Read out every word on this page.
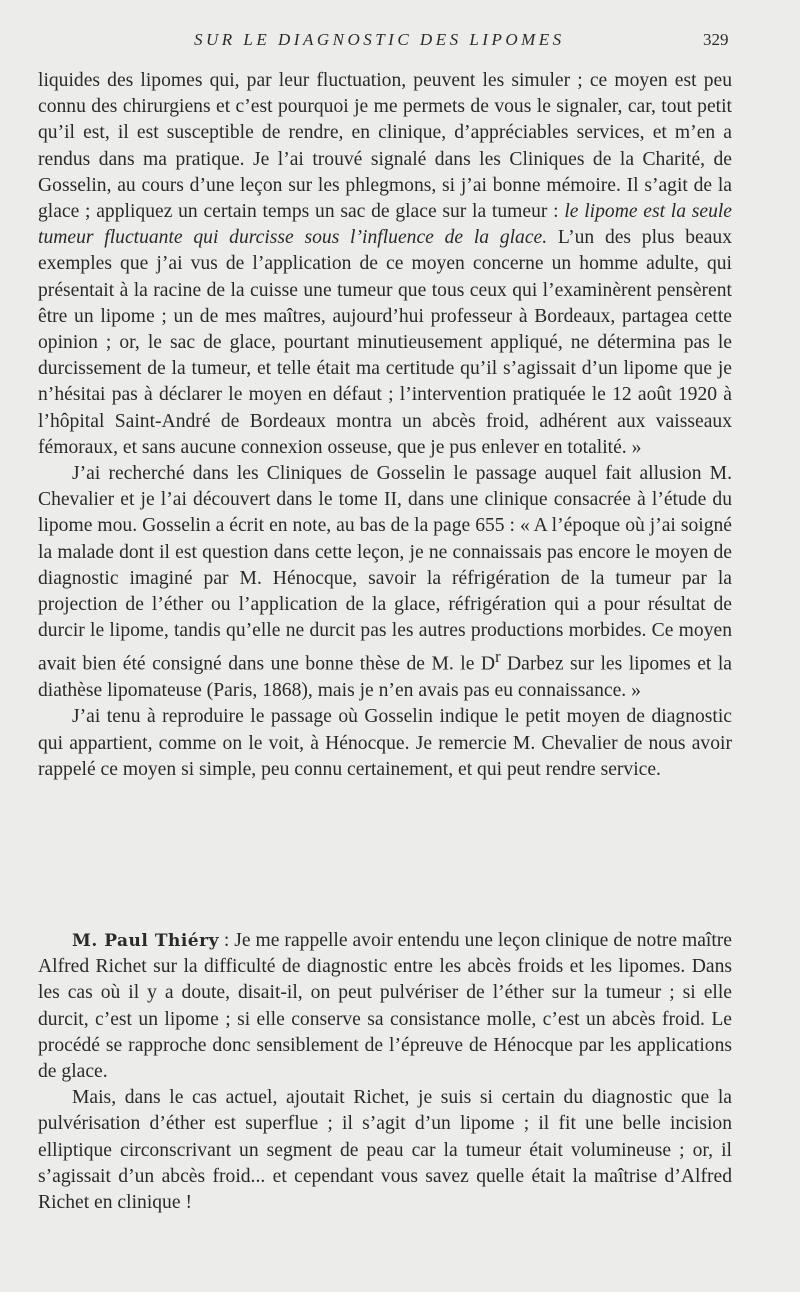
SUR LE DIAGNOSTIC DES LIPOMES	329

liquides des lipomes qui, par leur fluctuation, peuvent les simuler ; ce moyen est peu connu des chirurgiens et c’est pourquoi je me permets de vous le signaler, car, tout petit qu’il est, il est susceptible de rendre, en clinique, d’appréciables services, et m’en a rendus dans ma pratique. Je l’ai trouvé signalé dans les Cliniques de la Charité, de Gosselin, au cours d’une leçon sur les phlegmons, si j’ai bonne mémoire. Il s’agit de la glace ; appliquez un certain temps un sac de glace sur la tumeur : le lipome est la seule tumeur fluctuante qui durcisse sous l’influence de la glace. L’un des plus beaux exemples que j’ai vus de l’application de ce moyen concerne un homme adulte, qui présentait à la racine de la cuisse une tumeur que tous ceux qui l’examinèrent pensèrent être un lipome ; un de mes maîtres, aujourd’hui professeur à Bordeaux, partagea cette opinion ; or, le sac de glace, pourtant minutieusement appliqué, ne détermina pas le durcissement de la tumeur, et telle était ma certitude qu’il s’agissait d’un lipome que je n’hésitai pas à déclarer le moyen en défaut ; l’intervention pratiquée le 12 août 1920 à l’hôpital Saint-André de Bordeaux montra un abcès froid, adhérent aux vaisseaux fémoraux, et sans aucune connexion osseuse, que je pus enlever en totalité. »

J’ai recherché dans les Cliniques de Gosselin le passage auquel fait allusion M. Chevalier et je l’ai découvert dans le tome II, dans une clinique consacrée à l’étude du lipome mou. Gosselin a écrit en note, au bas de la page 655 : « A l’époque où j’ai soigné la malade dont il est question dans cette leçon, je ne connaissais pas encore le moyen de diagnostic imaginé par M. Hénocque, savoir la réfrigération de la tumeur par la projection de l’éther ou l’application de la glace, réfrigération qui a pour résultat de durcir le lipome, tandis qu’elle ne durcit pas les autres productions morbides. Ce moyen avait bien été consigné dans une bonne thèse de M. le $D^r$ Darbez sur les lipomes et la diathèse lipomateuse (Paris, 1868), mais je n’en avais pas eu connaissance. »

J’ai tenu à reproduire le passage où Gosselin indique le petit moyen de diagnostic qui appartient, comme on le voit, à Hénocque. Je remercie M. Chevalier de nous avoir rappelé ce moyen si simple, peu connu certainement, et qui peut rendre service.

M. Paul Thiéry : Je me rappelle avoir entendu une leçon clinique de notre maître Alfred Richet sur la difficulté de diagnostic entre les abcès froids et les lipomes. Dans les cas où il y a doute, disait-il, on peut pulvériser de l’éther sur la tumeur ; si elle durcit, c’est un lipome ; si elle conserve sa consistance molle, c’est un abcès froid. Le procédé se rapproche donc sensiblement de l’épreuve de Hénocque par les applications de glace.

Mais, dans le cas actuel, ajoutait Richet, je suis si certain du diagnostic que la pulvérisation d’éther est superflue ; il s’agit d’un lipome ; il fit une belle incision elliptique circonscrivant un segment de peau car la tumeur était volumineuse ; or, il s’agissait d’un abcès froid... et cependant vous savez quelle était la maîtrise d’Alfred Richet en clinique !
